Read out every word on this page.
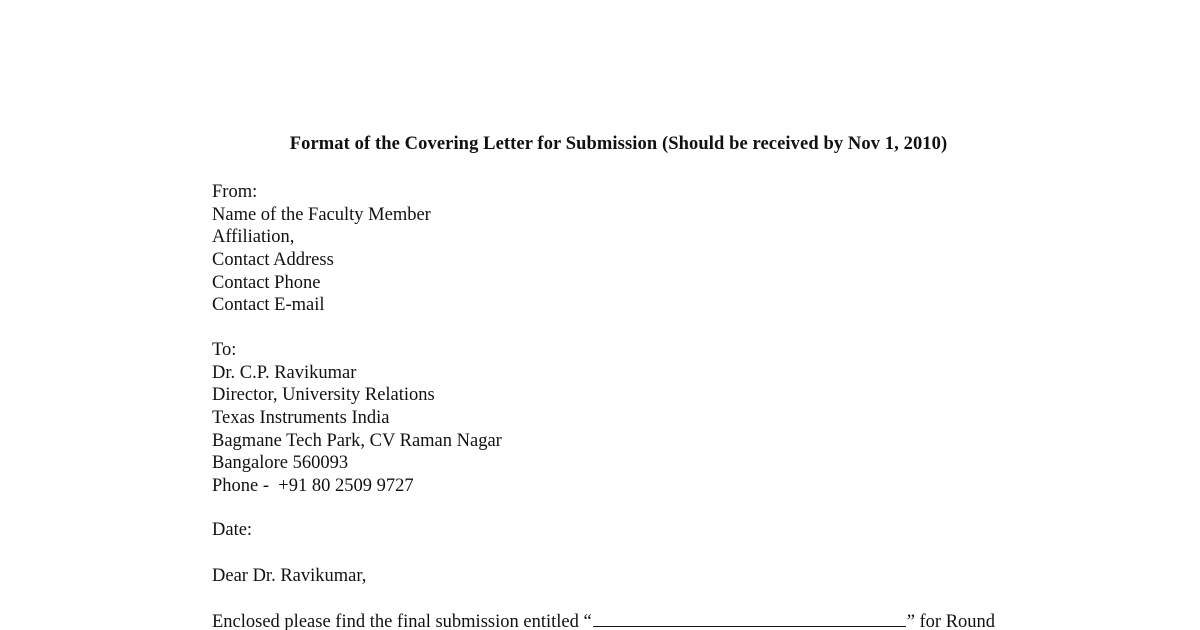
Format of the Covering Letter for Submission (Should be received by Nov 1, 2010)
From:
Name of the Faculty Member
Affiliation,
Contact Address
Contact Phone
Contact E-mail
To:
Dr. C.P. Ravikumar
Director, University Relations
Texas Instruments India
Bagmane Tech Park, CV Raman Nagar
Bangalore 560093
Phone -  +91 80 2509 9727
Date:
Dear Dr. Ravikumar,
Enclosed please find the final submission entitled “	” for Round
